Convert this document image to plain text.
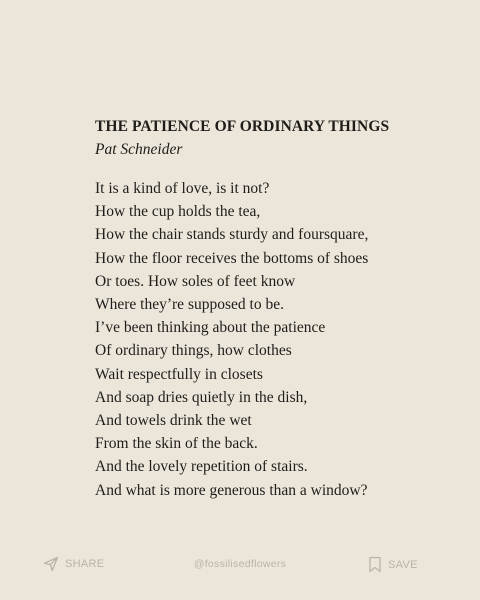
THE PATIENCE OF ORDINARY THINGS
Pat Schneider
It is a kind of love, is it not?
How the cup holds the tea,
How the chair stands sturdy and foursquare,
How the floor receives the bottoms of shoes
Or toes. How soles of feet know
Where they’re supposed to be.
I’ve been thinking about the patience
Of ordinary things, how clothes
Wait respectfully in closets
And soap dries quietly in the dish,
And towels drink the wet
From the skin of the back.
And the lovely repetition of stairs.
And what is more generous than a window?
SHARE	@fossilisedflowers	SAVE
